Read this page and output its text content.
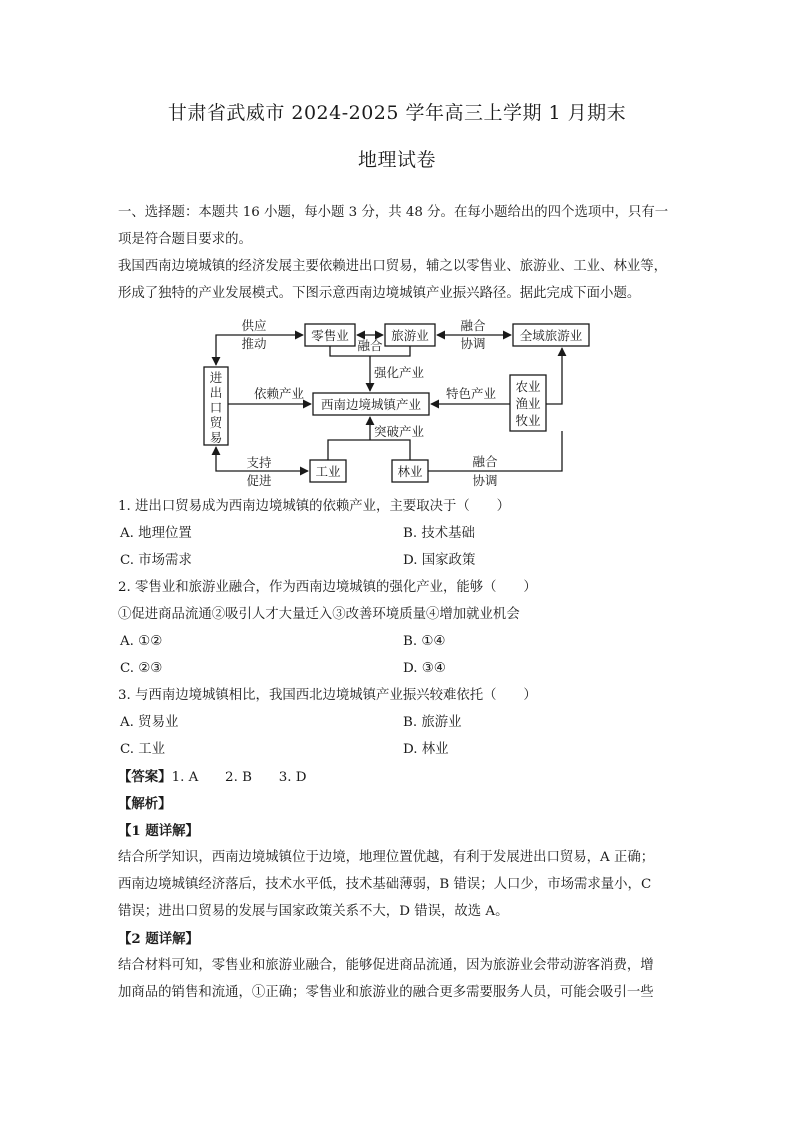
甘肃省武威市 2024-2025 学年高三上学期 1 月期末
地理试卷
一、选择题：本题共 16 小题，每小题 3 分，共 48 分。在每小题给出的四个选项中，只有一
项是符合题目要求的。
我国西南边境城镇的经济发展主要依赖进出口贸易，辅之以零售业、旅游业、工业、林业等，
形成了独特的产业发展模式。下图示意西南边境城镇产业振兴路径。据此完成下面小题。
零售业	旅游业	全域旅游业
进
出
口
贸
易
西南边境城镇产业
农业
渔业
牧业
工业	林业
供应
推动	融合
融合
协调
强化产业
依赖产业	特色产业
突破产业
支持
促进
融合
协调
1. 进出口贸易成为西南边境城镇的依赖产业，主要取决于（　　）
A. 地理位置	B. 技术基础
C. 市场需求	D. 国家政策
2. 零售业和旅游业融合，作为西南边境城镇的强化产业，能够（　　）
①促进商品流通②吸引人才大量迁入③改善环境质量④增加就业机会
A. ①②	B. ①④
C. ②③	D. ③④
3. 与西南边境城镇相比，我国西北边境城镇产业振兴较难依托（　　）
A. 贸易业	B. 旅游业
C. 工业	D. 林业
【答案】1. A　　2. B　　3. D
【解析】
【1 题详解】
结合所学知识，西南边境城镇位于边境，地理位置优越，有利于发展进出口贸易，A 正确；
西南边境城镇经济落后，技术水平低，技术基础薄弱，B 错误；人口少，市场需求量小，C
错误；进出口贸易的发展与国家政策关系不大，D 错误，故选 A。
【2 题详解】
结合材料可知，零售业和旅游业融合，能够促进商品流通，因为旅游业会带动游客消费，增
加商品的销售和流通，①正确；零售业和旅游业的融合更多需要服务人员，可能会吸引一些
